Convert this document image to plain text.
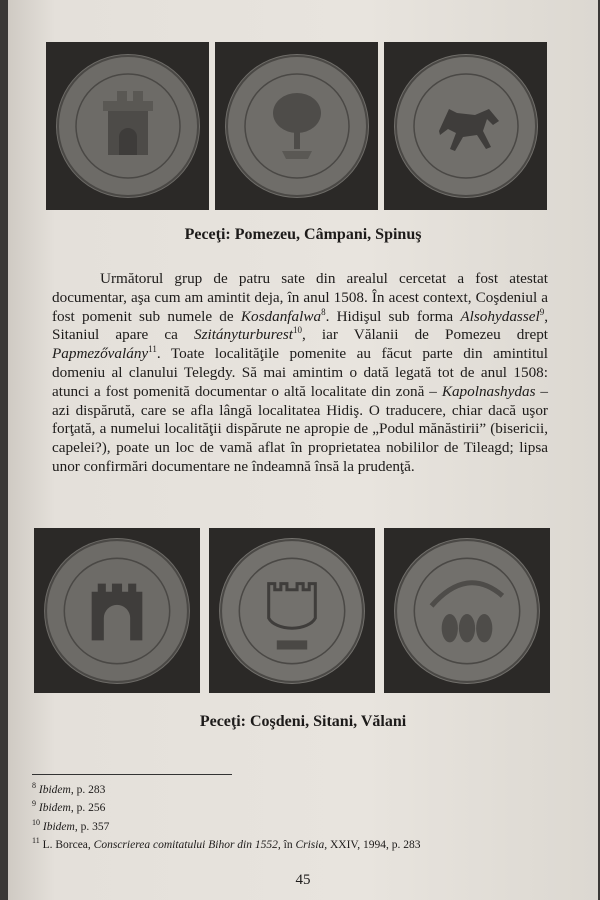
Peceţi: Pomezeu, Câmpani, Spinuş

Următorul grup de patru sate din arealul cercetat a fost atestat documentar, aşa cum am amintit deja, în anul 1508. În acest context, Coşdeniul a fost pomenit sub numele de Kosdanfalwa$^8$. Hidişul sub forma Alsohydassel$^9$, Sitaniul apare ca Szitányturburest$^{10}$, iar Vălanii de Pomezeu drept Papmezővalány$^{11}$. Toate localităţile pomenite au făcut parte din amintitul domeniu al clanului Telegdy. Să mai amintim o dată legată tot de anul 1508: atunci a fost pomenită documentar o altă localitate din zonă – Kapolnashydas – azi dispărută, care se afla lângă localitatea Hidiş. O traducere, chiar dacă uşor forţată, a numelui localităţii dispărute ne apropie de „Podul mănăstirii” (bisericii, capelei?), poate un loc de vamă aflat în proprietatea nobililor de Tileagd; lipsa unor confirmări documentare ne îndeamnă însă la prudenţă.

Peceţi: Coşdeni, Sitani, Vălani
$^8$ Ibidem, p. 283
$^9$ Ibidem, p. 256
$^{10}$ Ibidem, p. 357
$^{11}$ L. Borcea, Conscrierea comitatului Bihor din 1552, în Crisia, XXIV, 1994, p. 283
45
